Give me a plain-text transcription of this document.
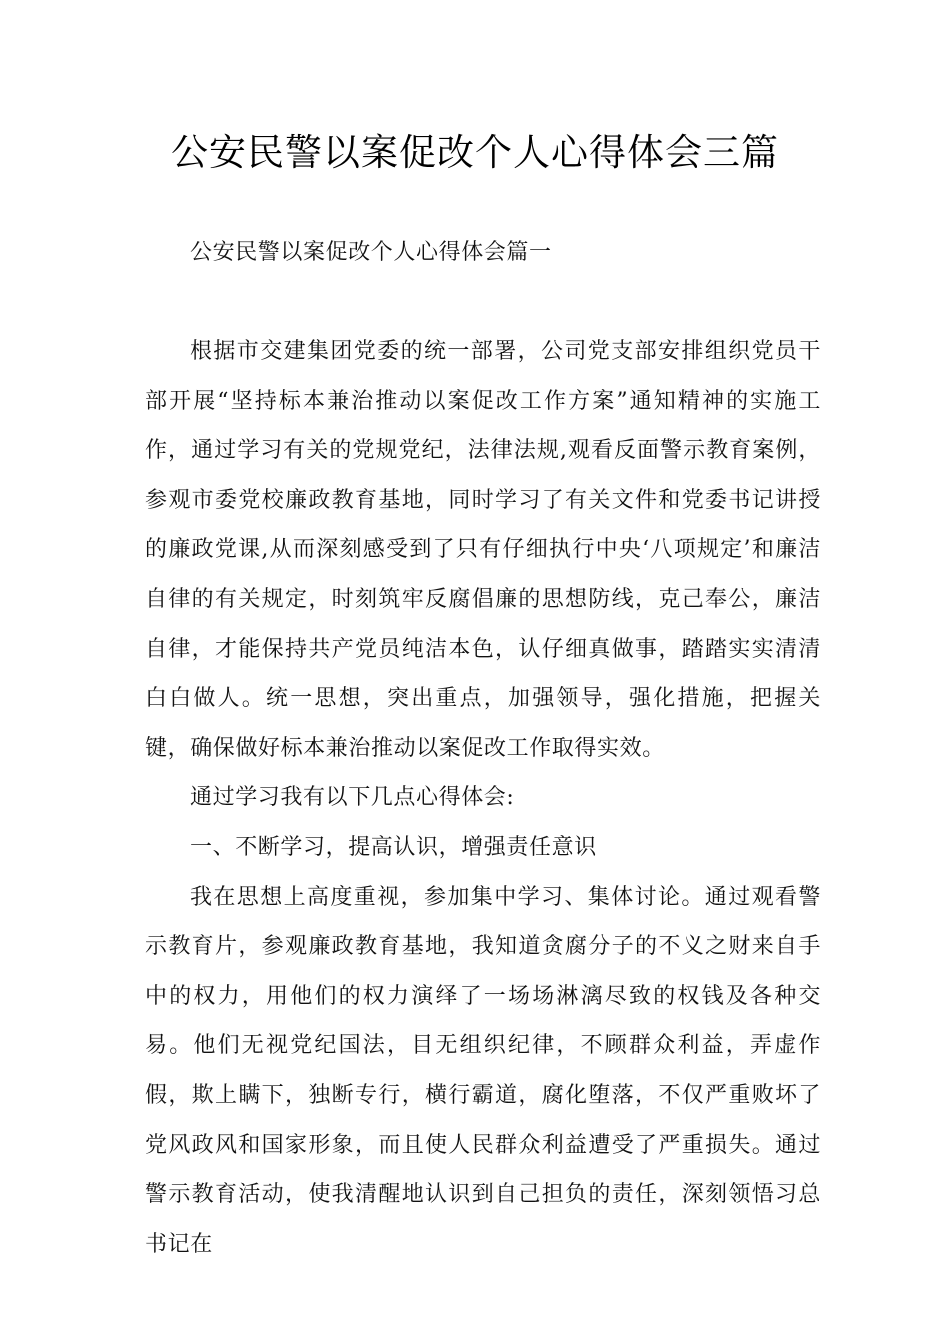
公安民警以案促改个人心得体会三篇

公安民警以案促改个人心得体会篇一

根据市交建集团党委的统一部署，公司党支部安排组织党员干部开展“坚持标本兼治推动以案促改工作方案”通知精神的实施工作，通过学习有关的党规党纪，法律法规,观看反面警示教育案例，参观市委党校廉政教育基地，同时学习了有关文件和党委书记讲授的廉政党课,从而深刻感受到了只有仔细执行中央‘八项规定’和廉洁自律的有关规定，时刻筑牢反腐倡廉的思想防线，克己奉公，廉洁自律，才能保持共产党员纯洁本色，认仔细真做事，踏踏实实清清白白做人。统一思想，突出重点，加强领导，强化措施，把握关键，确保做好标本兼治推动以案促改工作取得实效。

通过学习我有以下几点心得体会:

一、不断学习，提高认识，增强责任意识

我在思想上高度重视，参加集中学习、集体讨论。通过观看警示教育片，参观廉政教育基地，我知道贪腐分子的不义之财来自手中的权力，用他们的权力演绎了一场场淋漓尽致的权钱及各种交易。他们无视党纪国法，目无组织纪律，不顾群众利益，弄虚作假，欺上瞒下，独断专行，横行霸道，腐化堕落，不仅严重败坏了党风政风和国家形象，而且使人民群众利益遭受了严重损失。通过警示教育活动，使我清醒地认识到自己担负的责任，深刻领悟习总书记在
